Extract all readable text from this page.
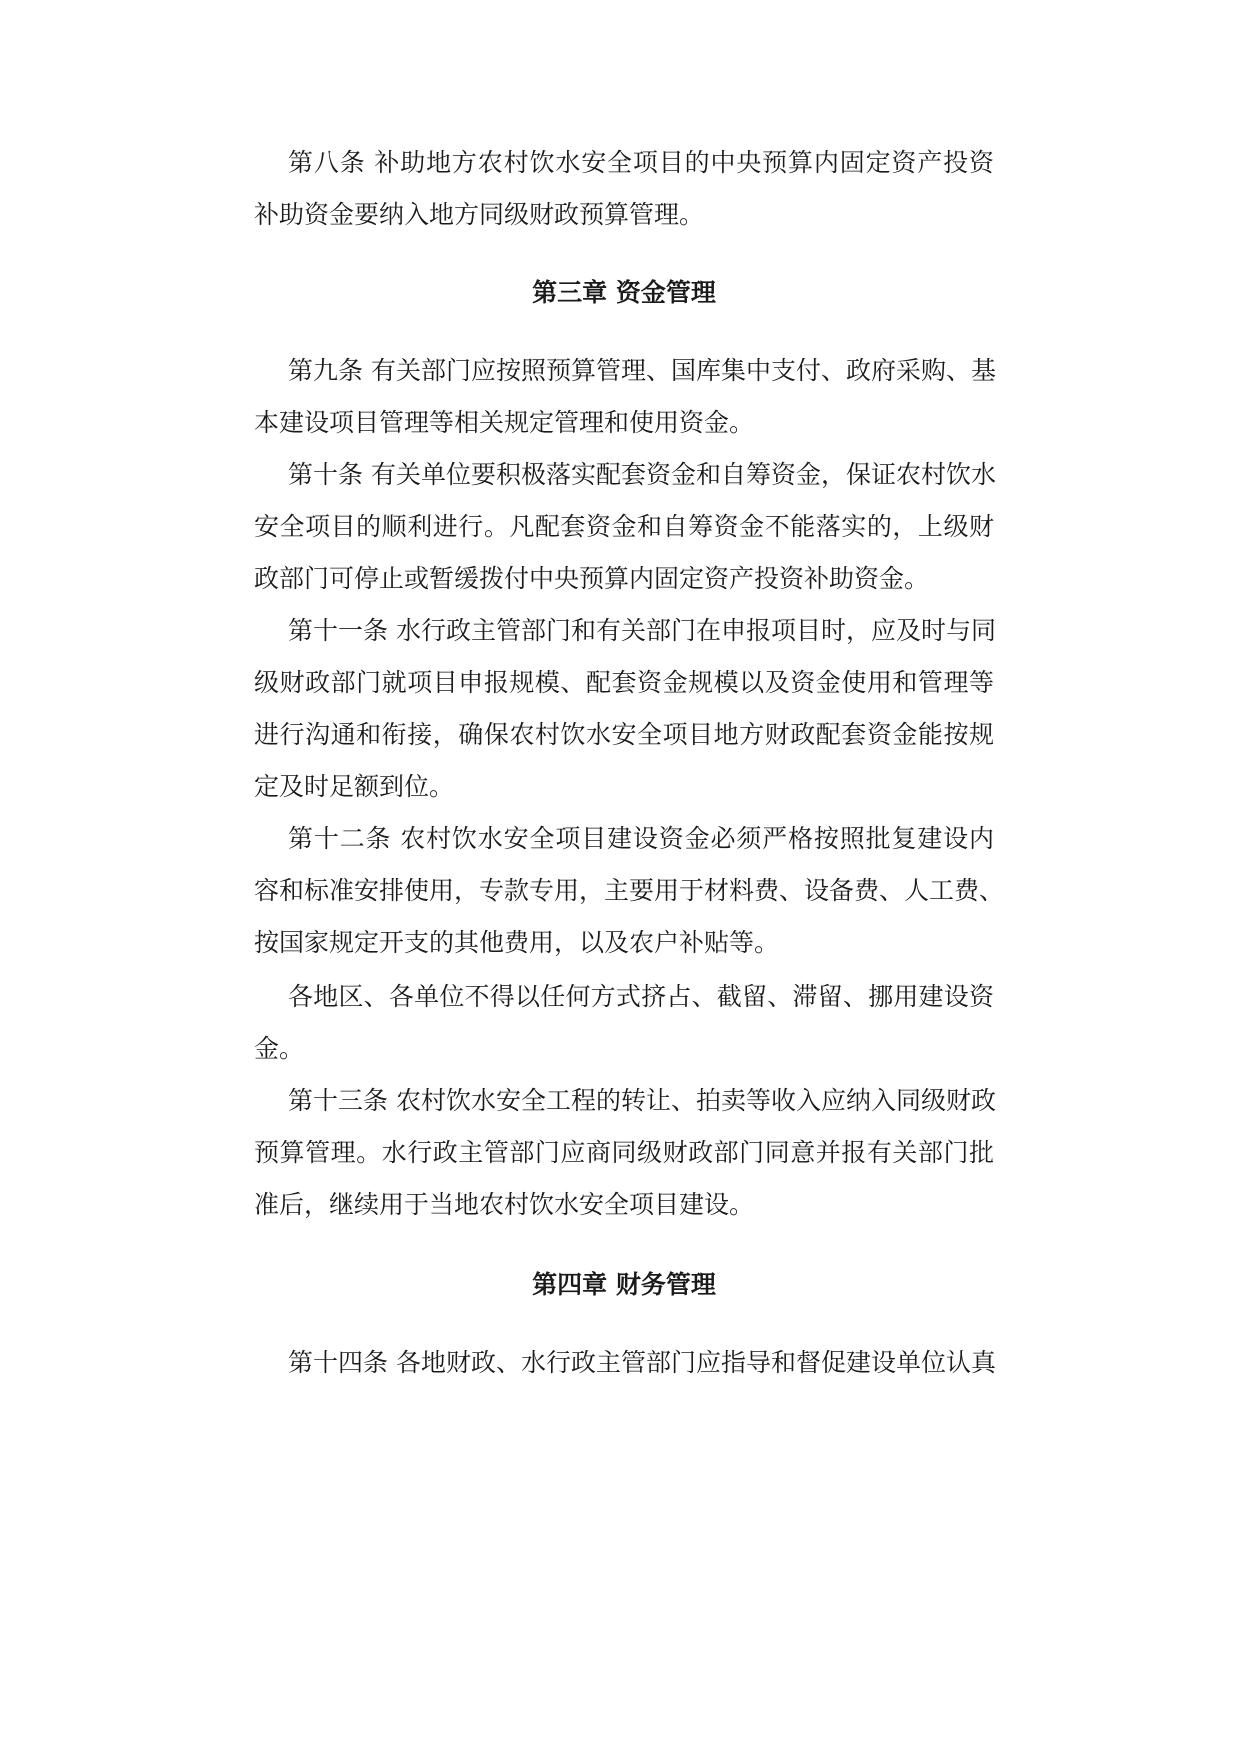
第八条 补助地方农村饮水安全项目的中央预算内固定资产投资
补助资金要纳入地方同级财政预算管理。
第三章 资金管理
第九条 有关部门应按照预算管理、国库集中支付、政府采购、基
本建设项目管理等相关规定管理和使用资金。
第十条 有关单位要积极落实配套资金和自筹资金，保证农村饮水
安全项目的顺利进行。凡配套资金和自筹资金不能落实的，上级财
政部门可停止或暂缓拨付中央预算内固定资产投资补助资金。
第十一条 水行政主管部门和有关部门在申报项目时，应及时与同
级财政部门就项目申报规模、配套资金规模以及资金使用和管理等
进行沟通和衔接，确保农村饮水安全项目地方财政配套资金能按规
定及时足额到位。
第十二条 农村饮水安全项目建设资金必须严格按照批复建设内
容和标准安排使用，专款专用，主要用于材料费、设备费、人工费、
按国家规定开支的其他费用，以及农户补贴等。
各地区、各单位不得以任何方式挤占、截留、滞留、挪用建设资
金。
第十三条 农村饮水安全工程的转让、拍卖等收入应纳入同级财政
预算管理。水行政主管部门应商同级财政部门同意并报有关部门批
准后，继续用于当地农村饮水安全项目建设。
第四章 财务管理
第十四条 各地财政、水行政主管部门应指导和督促建设单位认真
